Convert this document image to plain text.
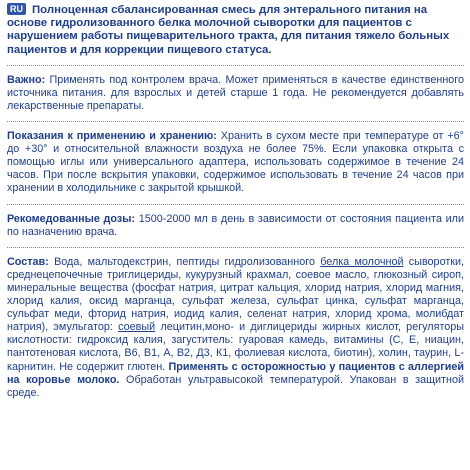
RU Полноценная сбалансированная смесь для энтерального питания на основе гидролизованного белка молочной сыворотки для пациентов с нарушением работы пищеварительного тракта, для питания тяжело больных пациентов и для коррекции пищевого статуса.
Важно: Применять под контролем врача. Может применяться в качестве единственного источника питания. для взрослых и детей старше 1 года. Не рекомендуется добавлять лекарственные препараты.
Показания к применению и хранению: Хранить в сухом месте при температуре от +6° до +30° и относительной влажности воздуха не более 75%. Если упаковка открыта с помощью иглы или универсального адаптера, использовать содержимое в течение 24 часов. При после вскрытия упаковки, содержимое использовать в течение 24 часов при хранении в холодильнике с закрытой крышкой.
Рекомедованные дозы: 1500-2000 мл в день в зависимости от состояния пациента или по назначению врача.
Состав: Вода, мальтодекстрин, пептиды гидролизованного белка молочной сыворотки, среднецепочечные триглицериды, кукурузный крахмал, соевое масло, глюкозный сироп, минеральные вещества (фосфат натрия, цитрат кальция, хлорид натрия, хлорид магния, хлорид калия, оксид марганца, сульфат железа, сульфат цинка, сульфат марганца, сульфат меди, фторид натрия, иодид калия, селенат натрия, хлорид хрома, молибдат натрия), эмульгатор: соевый лецитин,моно- и диглицериды жирных кислот, регуляторы кислотности: гидроксид калия, загуститель: гуаровая камедь, витамины (С, Е, ниацин, пантотеновая кислота, В6, В1, А, В2, Д3, К1, фолиевая кислота, биотин), холин, таурин, L-карнитин. Не содержит глютен. Применять с осторожностью у пациентов с аллергией на коровье молоко. Обработан ультравысокой температурой. Упакован в защитной среде.
